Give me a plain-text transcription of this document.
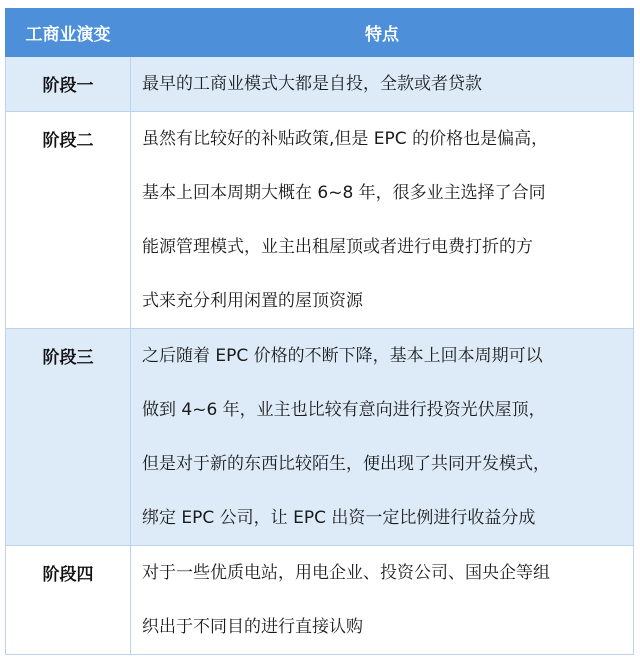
工商业演变	特点
阶段一	最早的工商业模式大都是自投，全款或者贷款

阶段二	虽然有比较好的补贴政策,但是 EPC 的价格也是偏高，
基本上回本周期大概在 6~8 年，很多业主选择了合同
能源管理模式，业主出租屋顶或者进行电费打折的方
式来充分利用闲置的屋顶资源

阶段三	之后随着 EPC 价格的不断下降，基本上回本周期可以
做到 4~6 年，业主也比较有意向进行投资光伏屋顶，
但是对于新的东西比较陌生，便出现了共同开发模式，
绑定 EPC 公司，让 EPC 出资一定比例进行收益分成

阶段四	对于一些优质电站，用电企业、投资公司、国央企等组
织出于不同目的进行直接认购
